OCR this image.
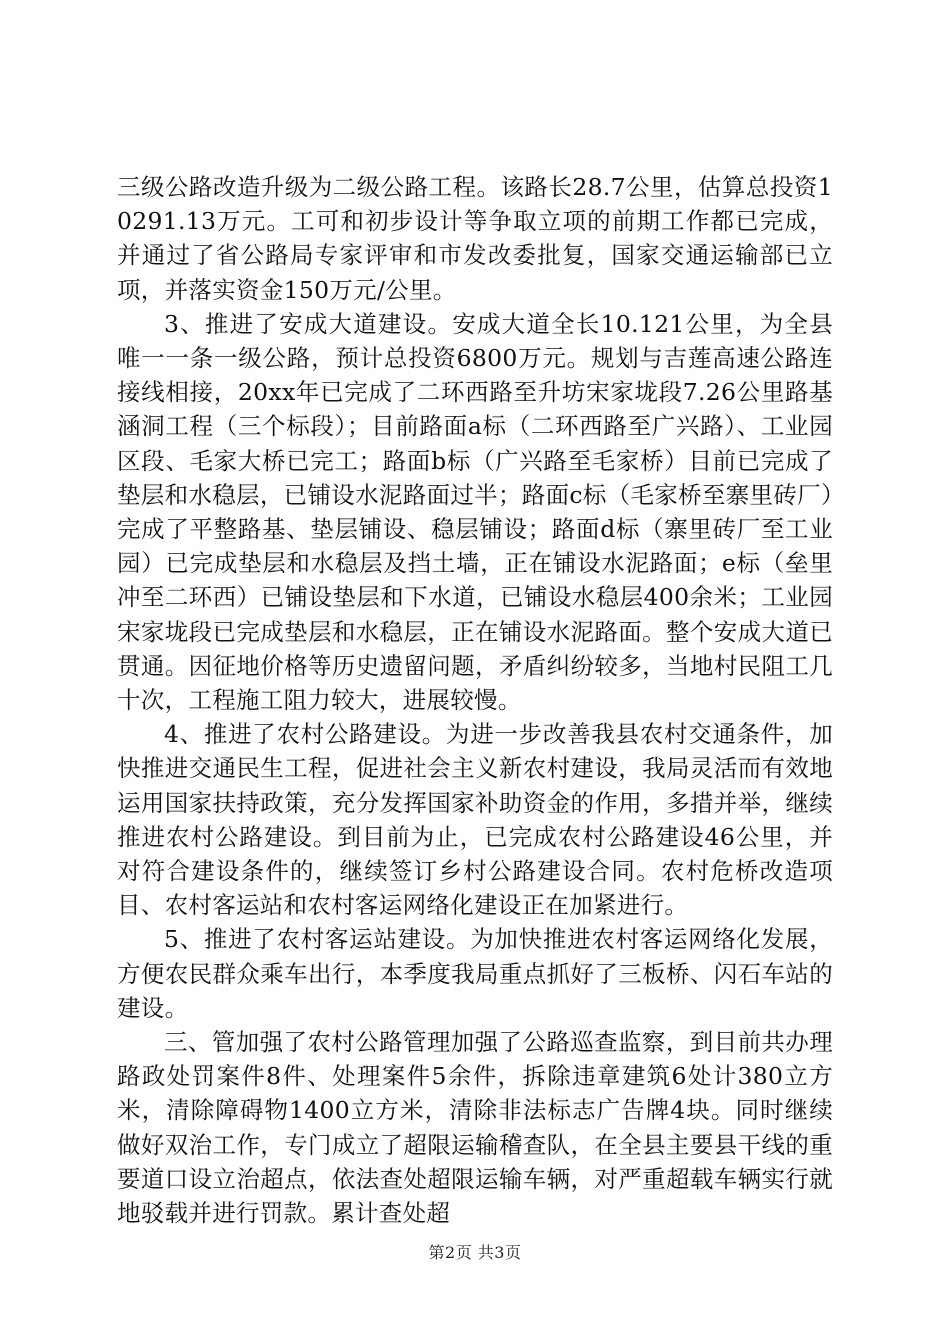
三级公路改造升级为二级公路工程。该路长28.7公里，估算总投资10291.13万元。工可和初步设计等争取立项的前期工作都已完成，并通过了省公路局专家评审和市发改委批复，国家交通运输部已立项，并落实资金150万元/公里。

3、推进了安成大道建设。安成大道全长10.121公里，为全县唯一一条一级公路，预计总投资6800万元。规划与吉莲高速公路连接线相接，20xx年已完成了二环西路至升坊宋家垅段7.26公里路基涵洞工程（三个标段）；目前路面a标（二环西路至广兴路）、工业园区段、毛家大桥已完工；路面b标（广兴路至毛家桥）目前已完成了垫层和水稳层，已铺设水泥路面过半；路面c标（毛家桥至寨里砖厂）完成了平整路基、垫层铺设、稳层铺设；路面d标（寨里砖厂至工业园）已完成垫层和水稳层及挡土墙，正在铺设水泥路面；e标（垒里冲至二环西）已铺设垫层和下水道，已铺设水稳层400余米；工业园宋家垅段已完成垫层和水稳层，正在铺设水泥路面。整个安成大道已贯通。因征地价格等历史遗留问题，矛盾纠纷较多，当地村民阻工几十次，工程施工阻力较大，进展较慢。

4、推进了农村公路建设。为进一步改善我县农村交通条件，加快推进交通民生工程，促进社会主义新农村建设，我局灵活而有效地运用国家扶持政策，充分发挥国家补助资金的作用，多措并举，继续推进农村公路建设。到目前为止，已完成农村公路建设46公里，并对符合建设条件的，继续签订乡村公路建设合同。农村危桥改造项目、农村客运站和农村客运网络化建设正在加紧进行。

5、推进了农村客运站建设。为加快推进农村客运网络化发展，方便农民群众乘车出行，本季度我局重点抓好了三板桥、闪石车站的建设。

三、管加强了农村公路管理加强了公路巡查监察，到目前共办理路政处罚案件8件、处理案件5余件，拆除违章建筑6处计380立方米，清除障碍物1400立方米，清除非法标志广告牌4块。同时继续做好双治工作，专门成立了超限运输稽查队，在全县主要县干线的重要道口设立治超点，依法查处超限运输车辆，对严重超载车辆实行就地驳载并进行罚款。累计查处超

第2页 共3页
